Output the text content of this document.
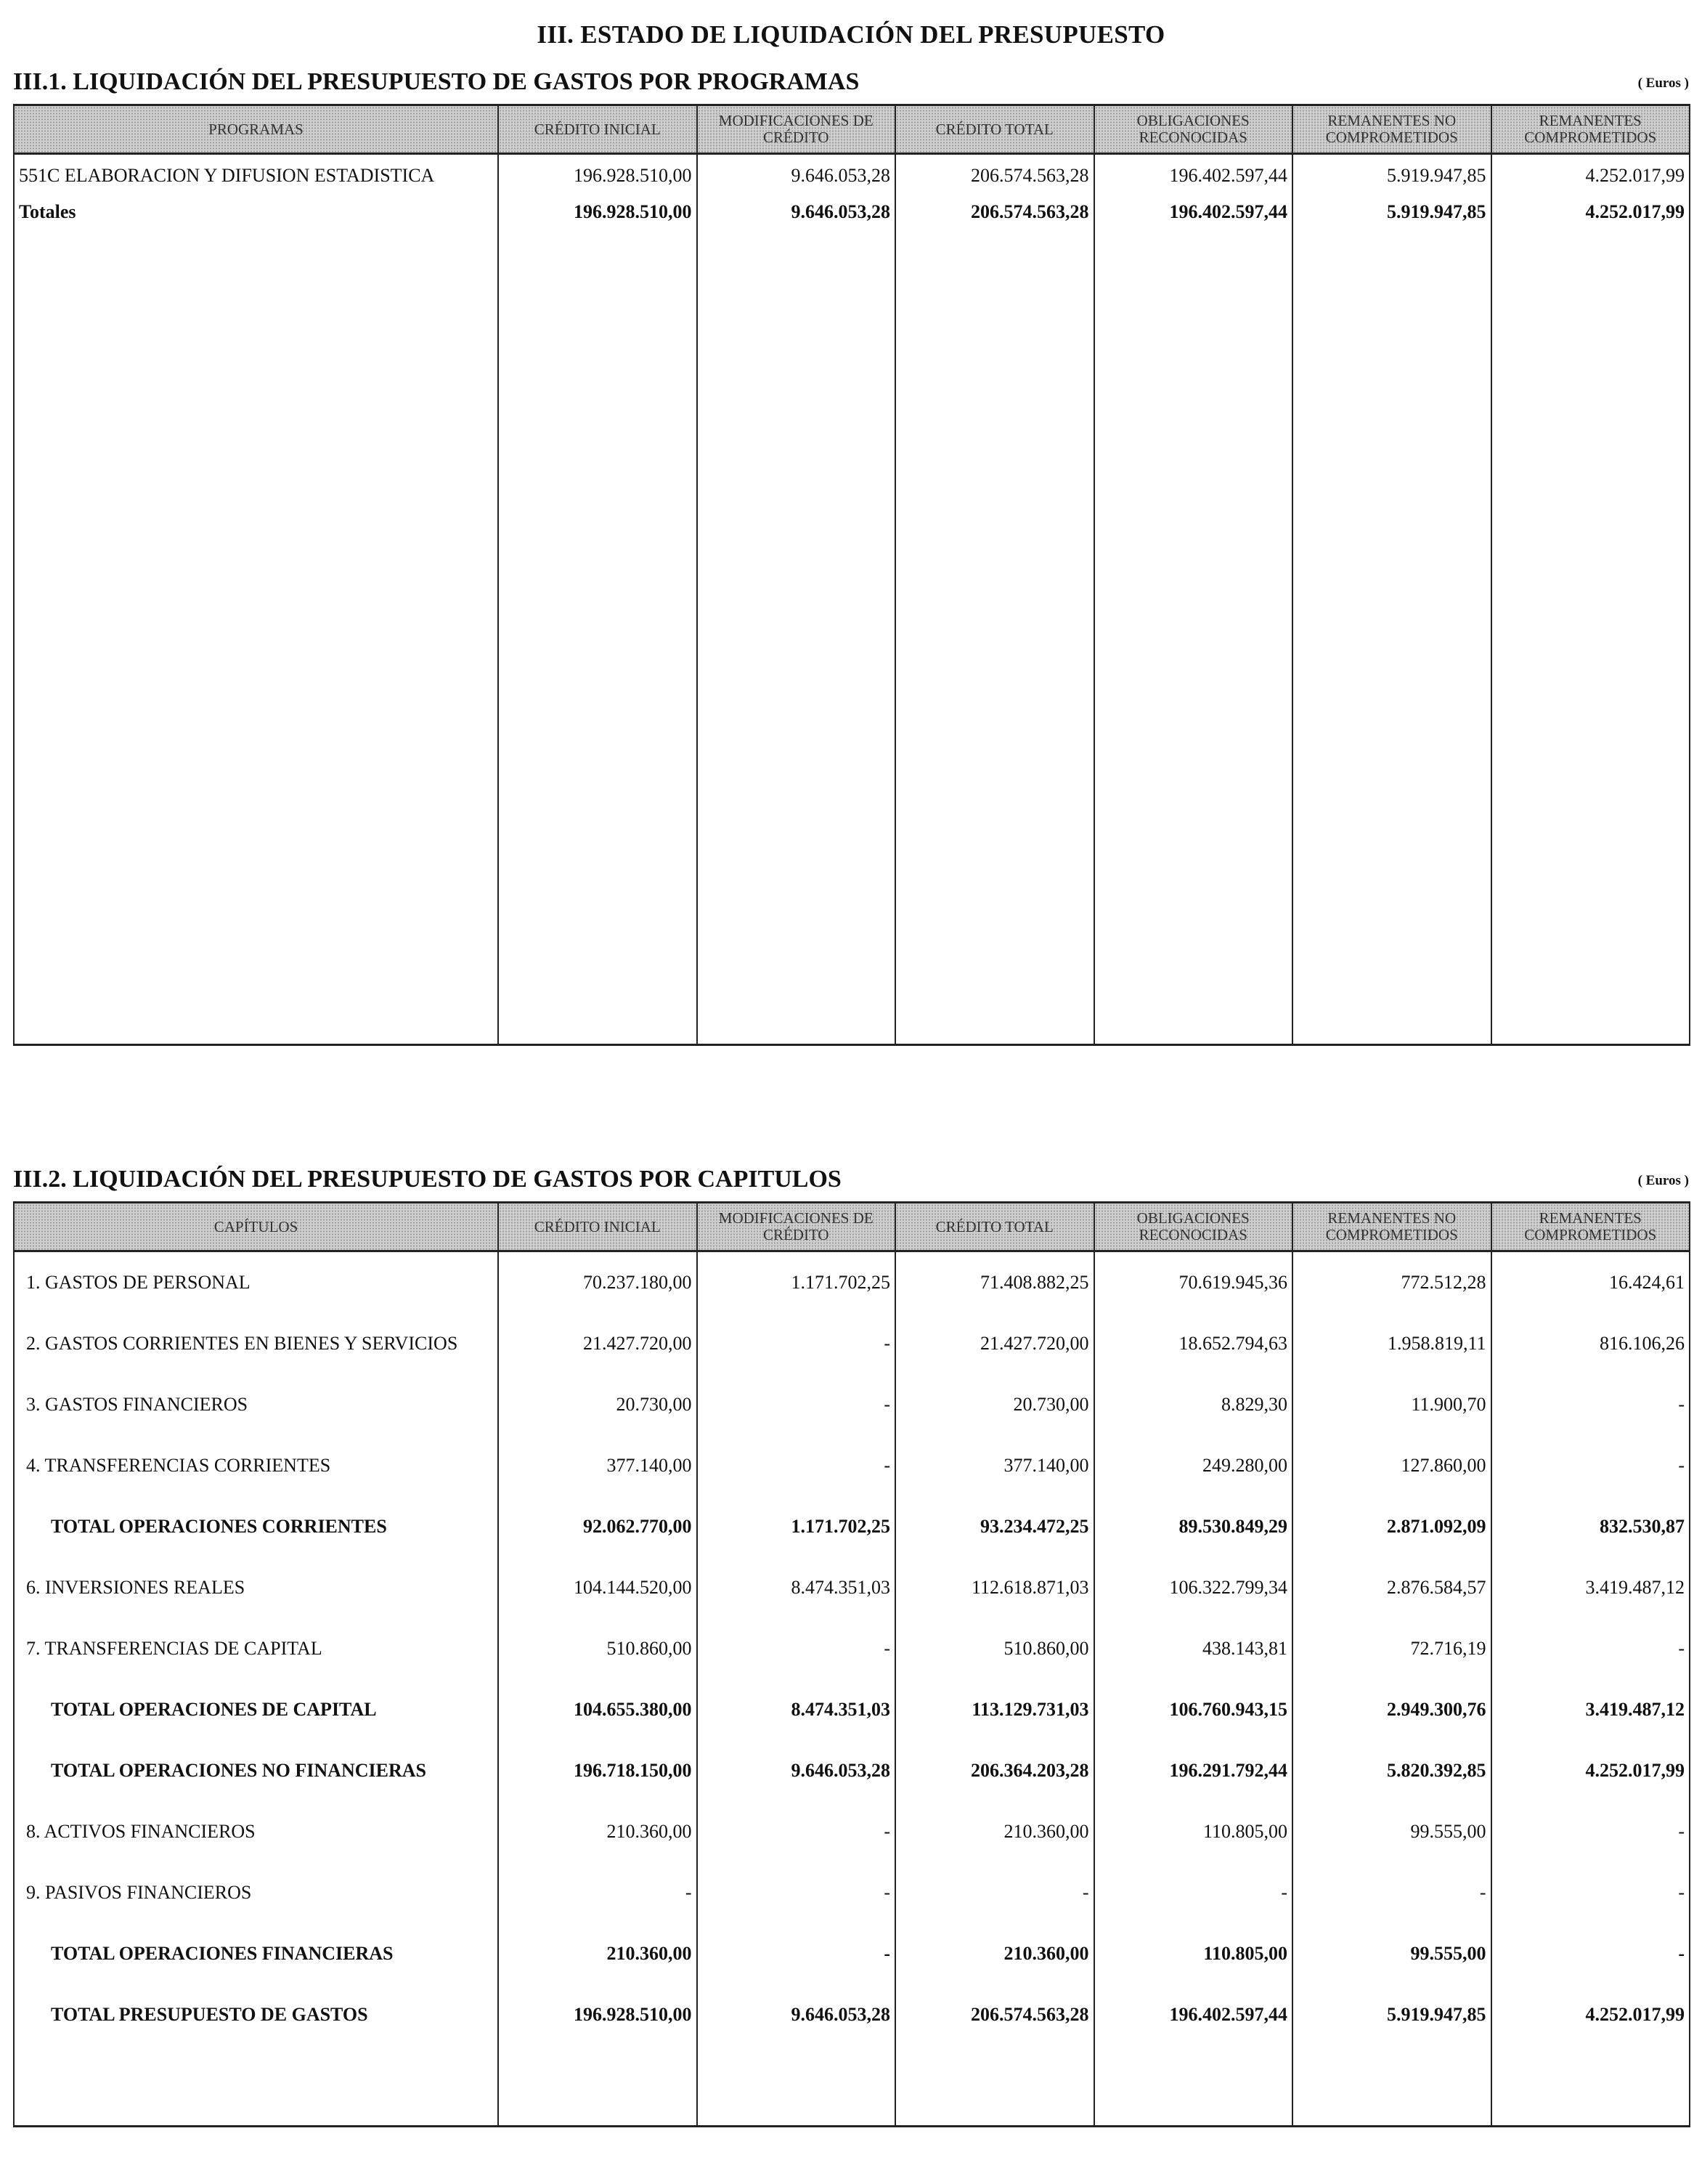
III. ESTADO DE LIQUIDACIÓN DEL PRESUPUESTO
III.1. LIQUIDACIÓN DEL PRESUPUESTO DE GASTOS POR PROGRAMAS	( Euros )
PROGRAMAS	CRÉDITO INICIAL	MODIFICACIONES DE CRÉDITO	CRÉDITO TOTAL	OBLIGACIONES RECONOCIDAS	REMANENTES NO COMPROMETIDOS	REMANENTES COMPROMETIDOS
551C ELABORACION Y DIFUSION ESTADISTICA	196.928.510,00	9.646.053,28	206.574.563,28	196.402.597,44	5.919.947,85	4.252.017,99
Totales	196.928.510,00	9.646.053,28	206.574.563,28	196.402.597,44	5.919.947,85	4.252.017,99

III.2. LIQUIDACIÓN DEL PRESUPUESTO DE GASTOS POR CAPITULOS	( Euros )
CAPÍTULOS	CRÉDITO INICIAL	MODIFICACIONES DE CRÉDITO	CRÉDITO TOTAL	OBLIGACIONES RECONOCIDAS	REMANENTES NO COMPROMETIDOS	REMANENTES COMPROMETIDOS
1. GASTOS DE PERSONAL	70.237.180,00	1.171.702,25	71.408.882,25	70.619.945,36	772.512,28	16.424,61
2. GASTOS CORRIENTES EN BIENES Y SERVICIOS	21.427.720,00	-	21.427.720,00	18.652.794,63	1.958.819,11	816.106,26
3. GASTOS FINANCIEROS	20.730,00	-	20.730,00	8.829,30	11.900,70	-
4. TRANSFERENCIAS CORRIENTES	377.140,00	-	377.140,00	249.280,00	127.860,00	-
TOTAL OPERACIONES CORRIENTES	92.062.770,00	1.171.702,25	93.234.472,25	89.530.849,29	2.871.092,09	832.530,87
6. INVERSIONES REALES	104.144.520,00	8.474.351,03	112.618.871,03	106.322.799,34	2.876.584,57	3.419.487,12
7. TRANSFERENCIAS DE CAPITAL	510.860,00	-	510.860,00	438.143,81	72.716,19	-
TOTAL OPERACIONES DE CAPITAL	104.655.380,00	8.474.351,03	113.129.731,03	106.760.943,15	2.949.300,76	3.419.487,12
TOTAL OPERACIONES NO FINANCIERAS	196.718.150,00	9.646.053,28	206.364.203,28	196.291.792,44	5.820.392,85	4.252.017,99
8. ACTIVOS FINANCIEROS	210.360,00	-	210.360,00	110.805,00	99.555,00	-
9. PASIVOS FINANCIEROS	-	-	-	-	-	-
TOTAL OPERACIONES FINANCIERAS	210.360,00	-	210.360,00	110.805,00	99.555,00	-
TOTAL PRESUPUESTO DE GASTOS	196.928.510,00	9.646.053,28	206.574.563,28	196.402.597,44	5.919.947,85	4.252.017,99
